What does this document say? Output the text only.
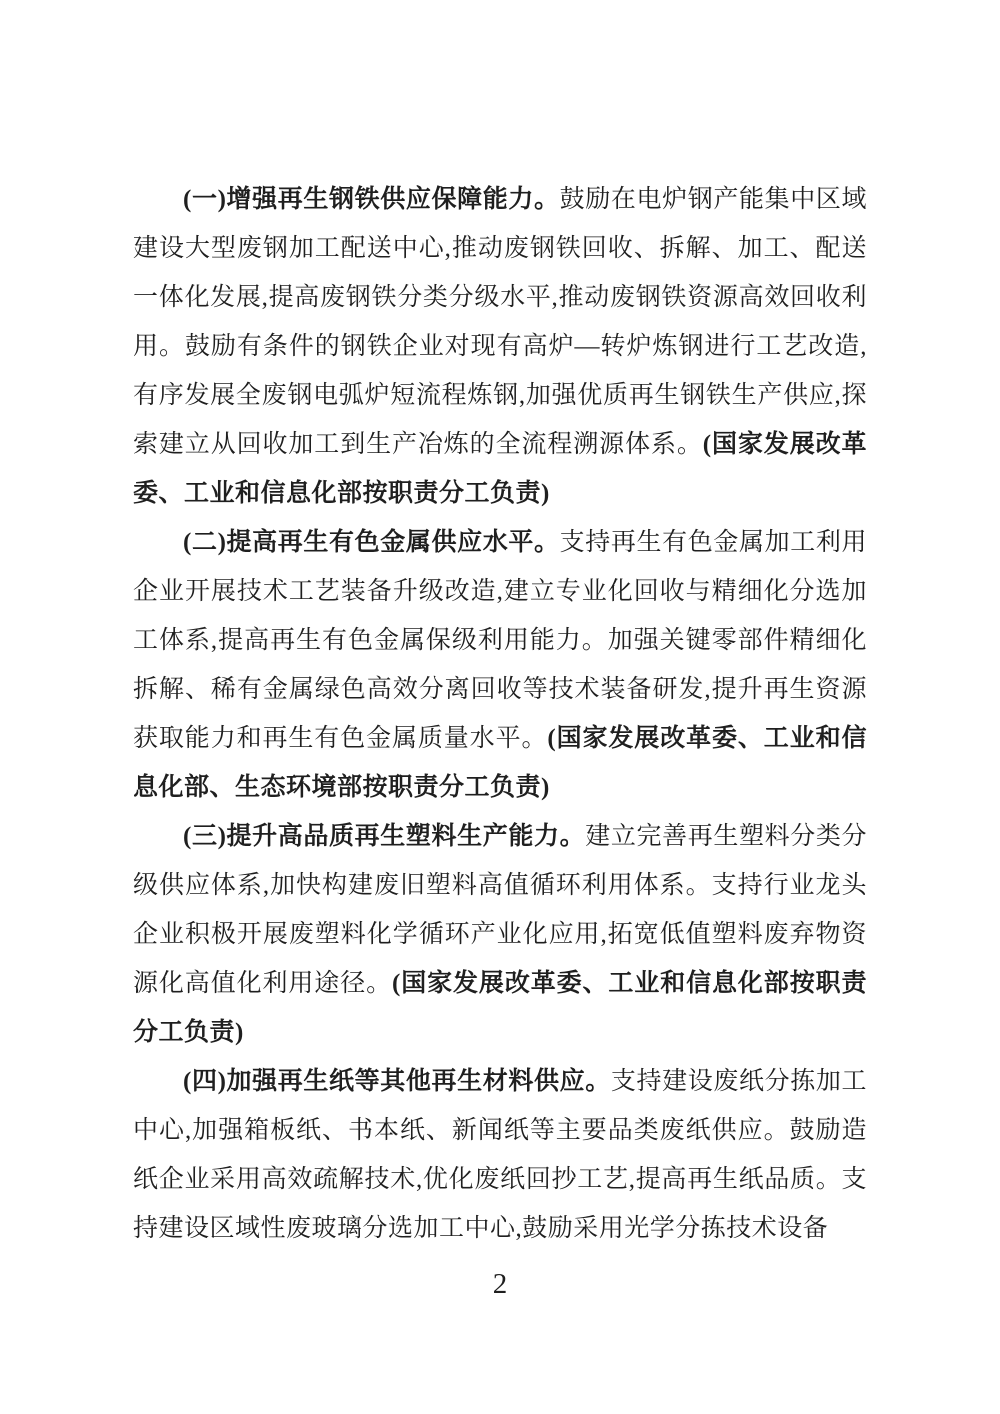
(一)增强再生钢铁供应保障能力。鼓励在电炉钢产能集中区域建设大型废钢加工配送中心,推动废钢铁回收、拆解、加工、配送一体化发展,提高废钢铁分类分级水平,推动废钢铁资源高效回收利用。鼓励有条件的钢铁企业对现有高炉—转炉炼钢进行工艺改造,有序发展全废钢电弧炉短流程炼钢,加强优质再生钢铁生产供应,探索建立从回收加工到生产冶炼的全流程溯源体系。(国家发展改革委、工业和信息化部按职责分工负责)

(二)提高再生有色金属供应水平。支持再生有色金属加工利用企业开展技术工艺装备升级改造,建立专业化回收与精细化分选加工体系,提高再生有色金属保级利用能力。加强关键零部件精细化拆解、稀有金属绿色高效分离回收等技术装备研发,提升再生资源获取能力和再生有色金属质量水平。(国家发展改革委、工业和信息化部、生态环境部按职责分工负责)

(三)提升高品质再生塑料生产能力。建立完善再生塑料分类分级供应体系,加快构建废旧塑料高值循环利用体系。支持行业龙头企业积极开展废塑料化学循环产业化应用,拓宽低值塑料废弃物资源化高值化利用途径。(国家发展改革委、工业和信息化部按职责分工负责)

(四)加强再生纸等其他再生材料供应。支持建设废纸分拣加工中心,加强箱板纸、书本纸、新闻纸等主要品类废纸供应。鼓励造纸企业采用高效疏解技术,优化废纸回抄工艺,提高再生纸品质。支持建设区域性废玻璃分选加工中心,鼓励采用光学分拣技术设备

2
